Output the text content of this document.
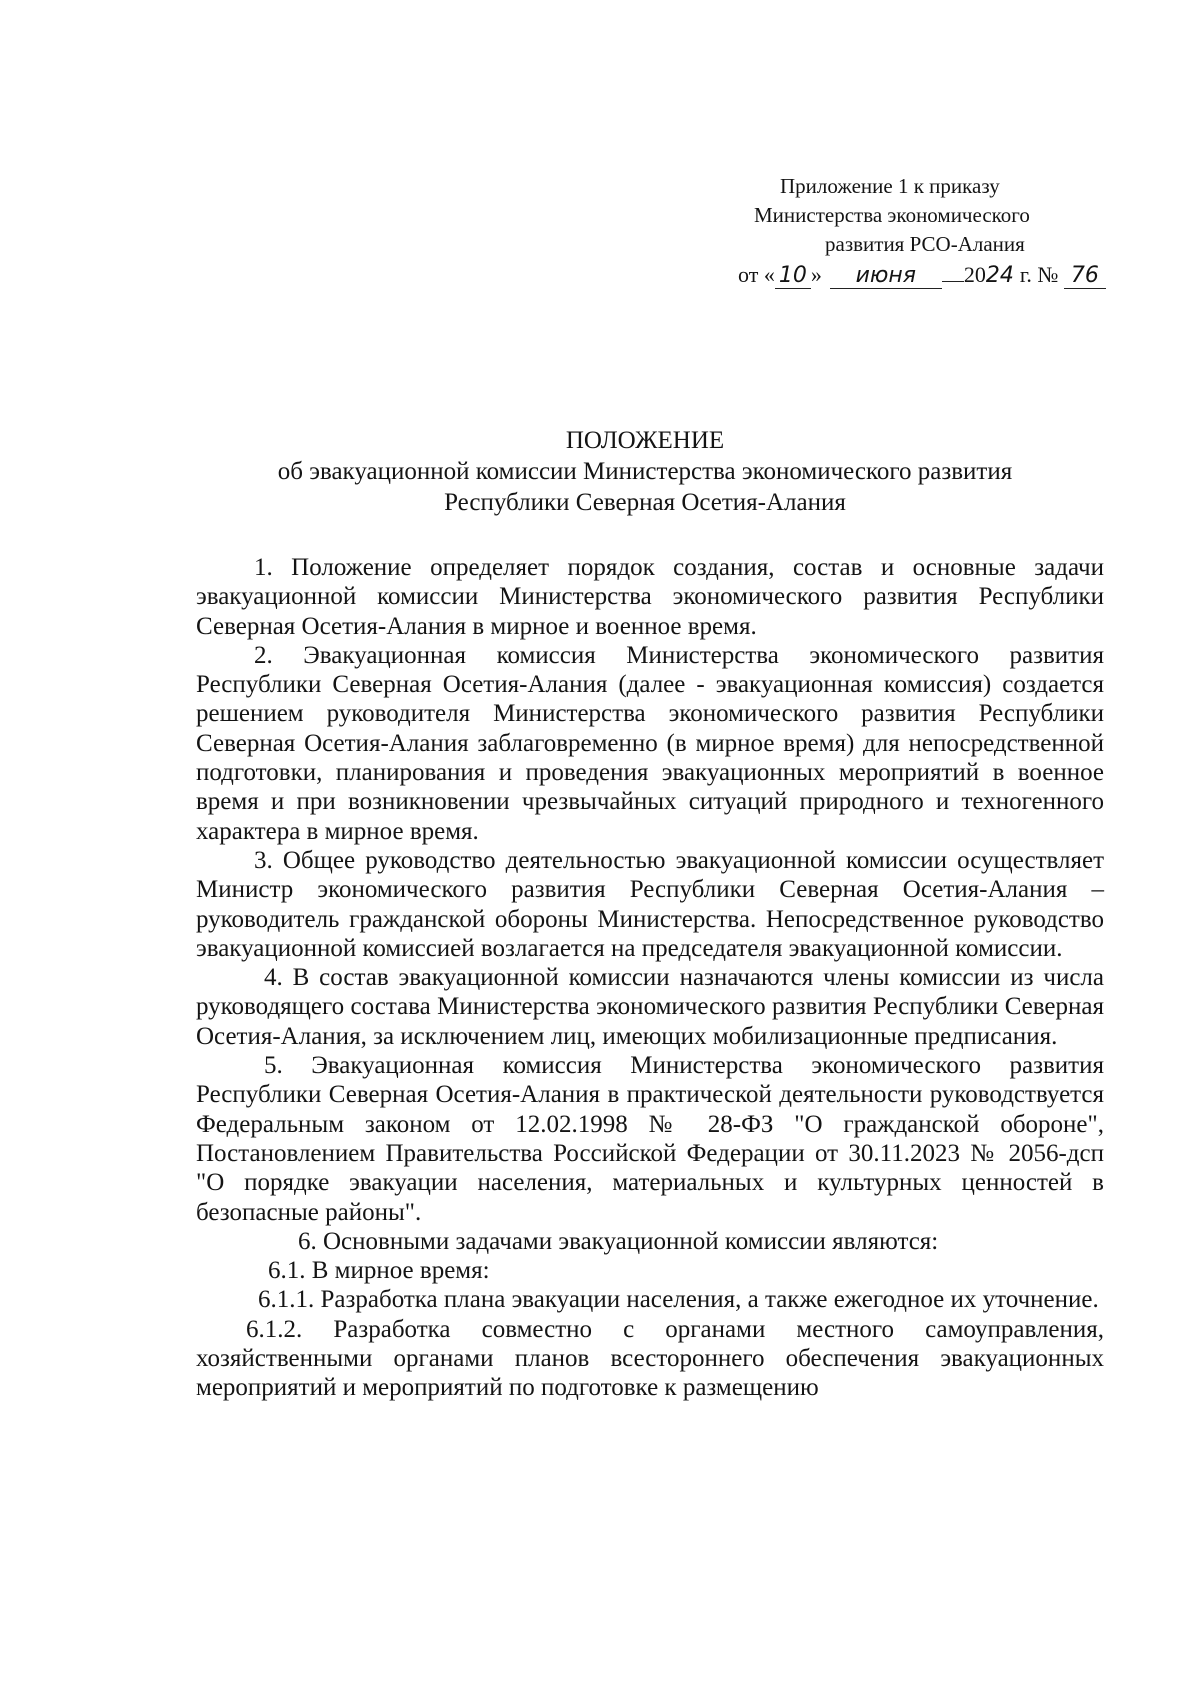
Приложение 1 к приказу
Министерства экономического
развития РСО-Алания
от « 10 » июня 2024 г. № 76
ПОЛОЖЕНИЕ
об эвакуационной комиссии Министерства экономического развития
Республики Северная Осетия-Алания

1. Положение определяет порядок создания, состав и основные задачи эвакуационной комиссии Министерства экономического развития Республики Северная Осетия-Алания в мирное и военное время.

2. Эвакуационная комиссия Министерства экономического развития Республики Северная Осетия-Алания (далее - эвакуационная комиссия) создается решением руководителя Министерства экономического развития Республики Северная Осетия-Алания заблаговременно (в мирное время) для непосредственной подготовки, планирования и проведения эвакуационных мероприятий в военное время и при возникновении чрезвычайных ситуаций природного и техногенного характера в мирное время.

3. Общее руководство деятельностью эвакуационной комиссии осуществляет Министр экономического развития Республики Северная Осетия-Алания – руководитель гражданской обороны Министерства. Непосредственное руководство эвакуационной комиссией возлагается на председателя эвакуационной комиссии.

4. В состав эвакуационной комиссии назначаются члены комиссии из числа руководящего состава Министерства экономического развития Республики Северная Осетия-Алания, за исключением лиц, имеющих мобилизационные предписания.

5. Эвакуационная комиссия Министерства экономического развития Республики Северная Осетия-Алания в практической деятельности руководствуется Федеральным законом от 12.02.1998 № 28-ФЗ "О гражданской обороне", Постановлением Правительства Российской Федерации от 30.11.2023 № 2056-дсп "О порядке эвакуации населения, материальных и культурных ценностей в безопасные районы".

6. Основными задачами эвакуационной комиссии являются:

6.1. В мирное время:

6.1.1. Разработка плана эвакуации населения, а также ежегодное их уточнение.

6.1.2. Разработка совместно с органами местного самоуправления, хозяйственными органами планов всестороннего обеспечения эвакуационных мероприятий и мероприятий по подготовке к размещению
